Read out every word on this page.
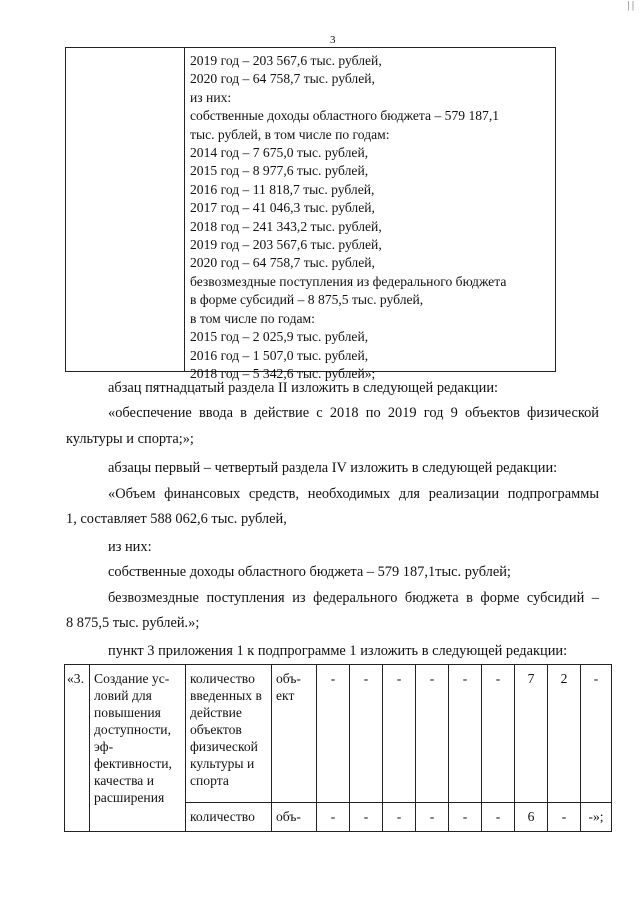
| |
3
2019 год – 203 567,6 тыс. рублей,
2020 год – 64 758,7 тыс. рублей,
из них:
собственные доходы областного бюджета – 579 187,1
тыс. рублей, в том числе по годам:
2014 год – 7 675,0 тыс. рублей,
2015 год – 8 977,6 тыс. рублей,
2016 год – 11 818,7 тыс. рублей,
2017 год – 41 046,3 тыс. рублей,
2018 год – 241 343,2 тыс. рублей,
2019 год – 203 567,6 тыс. рублей,
2020 год – 64 758,7 тыс. рублей,
безвозмездные поступления из федерального бюджета
в форме субсидий – 8 875,5 тыс. рублей,
в том числе по годам:
2015 год – 2 025,9 тыс. рублей,
2016 год – 1 507,0 тыс. рублей,
2018 год – 5 342,6 тыс. рублей»;
абзац пятнадцатый раздела II изложить в следующей редакции:
«обеспечение ввода в действие с 2018 по 2019 год 9 объектов физической
культуры и спорта;»;
абзацы первый – четвертый раздела IV изложить в следующей редакции:
«Объем финансовых средств, необходимых для реализации подпрограммы
1, составляет 588 062,6 тыс. рублей,
из них:
собственные доходы областного бюджета – 579 187,1тыс. рублей;
безвозмездные поступления из федерального бюджета в форме субсидий –
8 875,5 тыс. рублей.»;
пункт 3 приложения 1 к подпрограмме 1 изложить в следующей редакции:
«3.	Создание ус-ловий для повышения доступности, эф-фективности, качества и расширения	количество введенных в действие объектов физической культуры и спорта	объ-ект	-	-	-	-	-	-	7	2	-
		количество	объ-	-	-	-	-	-	-	6	-	-»;
